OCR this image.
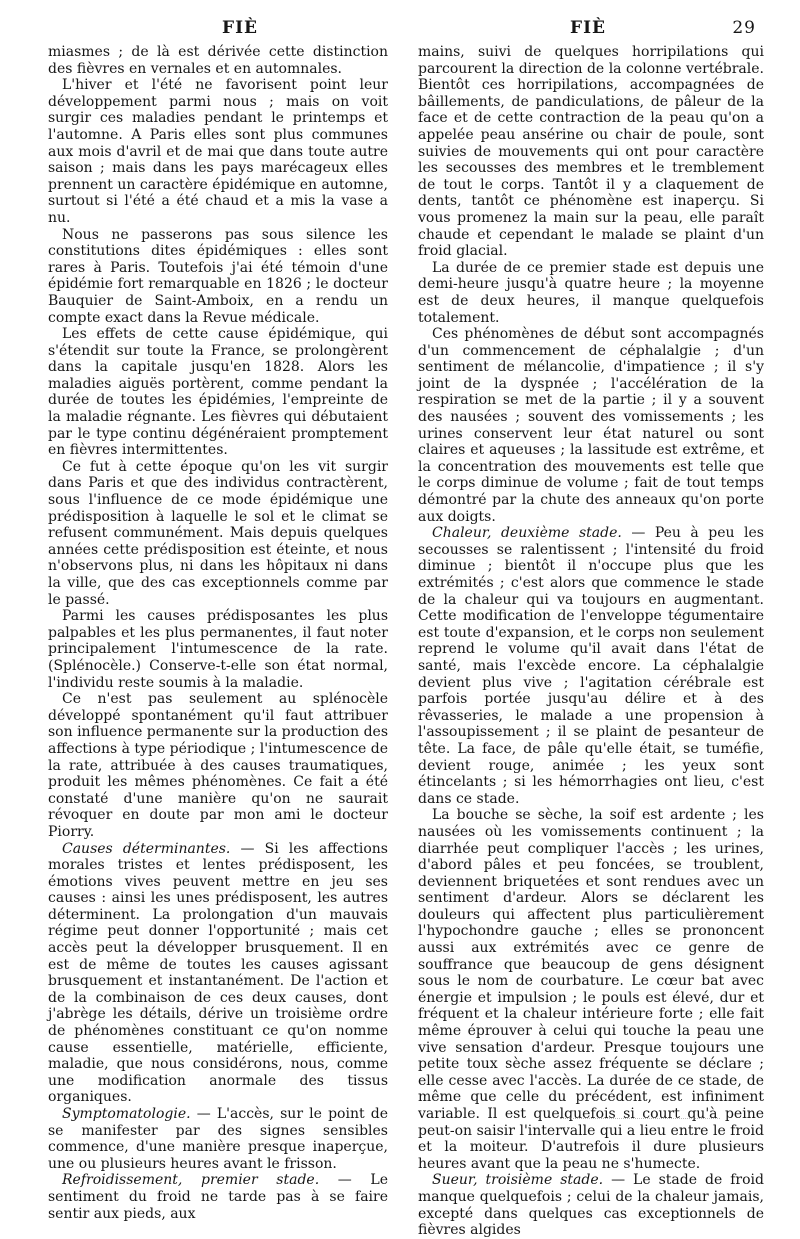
FIÈ	FIÈ	29

miasmes ; de là est dérivée cette distinction des fièvres en vernales et en automnales.

L'hiver et l'été ne favorisent point leur développement parmi nous ; mais on voit surgir ces maladies pendant le printemps et l'automne. A Paris elles sont plus communes aux mois d'avril et de mai que dans toute autre saison ; mais dans les pays marécageux elles prennent un caractère épidémique en automne, surtout si l'été a été chaud et a mis la vase a nu.

Nous ne passerons pas sous silence les constitutions dites épidémiques : elles sont rares à Paris. Toutefois j'ai été témoin d'une épidémie fort remarquable en 1826 ; le docteur Bauquier de Saint-Amboix, en a rendu un compte exact dans la Revue médicale.

Les effets de cette cause épidémique, qui s'étendit sur toute la France, se prolongèrent dans la capitale jusqu'en 1828. Alors les maladies aiguës portèrent, comme pendant la durée de toutes les épidémies, l'empreinte de la maladie régnante. Les fièvres qui débutaient par le type continu dégénéraient promptement en fièvres intermittentes.

Ce fut à cette époque qu'on les vit surgir dans Paris et que des individus contractèrent, sous l'influence de ce mode épidémique une prédisposition à laquelle le sol et le climat se refusent communément. Mais depuis quelques années cette prédisposition est éteinte, et nous n'observons plus, ni dans les hôpitaux ni dans la ville, que des cas exceptionnels comme par le passé.

Parmi les causes prédisposantes les plus palpables et les plus permanentes, il faut noter principalement l'intumescence de la rate. (Splénocèle.) Conserve-t-elle son état normal, l'individu reste soumis à la maladie.

Ce n'est pas seulement au splénocèle développé spontanément qu'il faut attribuer son influence permanente sur la production des affections à type périodique ; l'intumescence de la rate, attribuée à des causes traumatiques, produit les mêmes phénomènes. Ce fait a été constaté d'une manière qu'on ne saurait révoquer en doute par mon ami le docteur Piorry.

Causes déterminantes. — Si les affections morales tristes et lentes prédisposent, les émotions vives peuvent mettre en jeu ses causes : ainsi les unes prédisposent, les autres déterminent. La prolongation d'un mauvais régime peut donner l'opportunité ; mais cet accès peut la développer brusquement. Il en est de même de toutes les causes agissant brusquement et instantanément. De l'action et de la combinaison de ces deux causes, dont j'abrège les détails, dérive un troisième ordre de phénomènes constituant ce qu'on nomme cause essentielle, matérielle, efficiente, maladie, que nous considérons, nous, comme une modification anormale des tissus organiques.

Symptomatologie. — L'accès, sur le point de se manifester par des signes sensibles commence, d'une manière presque inaperçue, une ou plusieurs heures avant le frisson.

Refroidissement, premier stade. — Le sentiment du froid ne tarde pas à se faire sentir aux pieds, aux

mains, suivi de quelques horripilations qui parcourent la direction de la colonne vertébrale. Bientôt ces horripilations, accompagnées de bâillements, de pandiculations, de pâleur de la face et de cette contraction de la peau qu'on a appelée peau ansérine ou chair de poule, sont suivies de mouvements qui ont pour caractère les secousses des membres et le tremblement de tout le corps. Tantôt il y a claquement de dents, tantôt ce phénomène est inaperçu. Si vous promenez la main sur la peau, elle paraît chaude et cependant le malade se plaint d'un froid glacial.

La durée de ce premier stade est depuis une demi-heure jusqu'à quatre heure ; la moyenne est de deux heures, il manque quelquefois totalement.

Ces phénomènes de début sont accompagnés d'un commencement de céphalalgie ; d'un sentiment de mélancolie, d'impatience ; il s'y joint de la dyspnée ; l'accélération de la respiration se met de la partie ; il y a souvent des nausées ; souvent des vomissements ; les urines conservent leur état naturel ou sont claires et aqueuses ; la lassitude est extrême, et la concentration des mouvements est telle que le corps diminue de volume ; fait de tout temps démontré par la chute des anneaux qu'on porte aux doigts.

Chaleur, deuxième stade. — Peu à peu les secousses se ralentissent ; l'intensité du froid diminue ; bientôt il n'occupe plus que les extrémités ; c'est alors que commence le stade de la chaleur qui va toujours en augmentant. Cette modification de l'enveloppe tégumentaire est toute d'expansion, et le corps non seulement reprend le volume qu'il avait dans l'état de santé, mais l'excède encore. La céphalalgie devient plus vive ; l'agitation cérébrale est parfois portée jusqu'au délire et à des rêvasseries, le malade a une propension à l'assoupissement ; il se plaint de pesanteur de tête. La face, de pâle qu'elle était, se tuméfie, devient rouge, animée ; les yeux sont étincelants ; si les hémorrhagies ont lieu, c'est dans ce stade.

La bouche se sèche, la soif est ardente ; les nausées où les vomissements continuent ; la diarrhée peut compliquer l'accès ; les urines, d'abord pâles et peu foncées, se troublent, deviennent briquetées et sont rendues avec un sentiment d'ardeur. Alors se déclarent les douleurs qui affectent plus particulièrement l'hypochondre gauche ; elles se prononcent aussi aux extrémités avec ce genre de souffrance que beaucoup de gens désignent sous le nom de courbature. Le cœur bat avec énergie et impulsion ; le pouls est élevé, dur et fréquent et la chaleur intérieure forte ; elle fait même éprouver à celui qui touche la peau une vive sensation d'ardeur. Presque toujours une petite toux sèche assez fréquente se déclare ; elle cesse avec l'accès. La durée de ce stade, de même que celle du précédent, est infiniment variable. Il est quelquefois si court qu'à peine peut-on saisir l'intervalle qui a lieu entre le froid et la moiteur. D'autrefois il dure plusieurs heures avant que la peau ne s'humecte.

Sueur, troisième stade. — Le stade de froid manque quelquefois ; celui de la chaleur jamais, excepté dans quelques cas exceptionnels de fièvres algides
